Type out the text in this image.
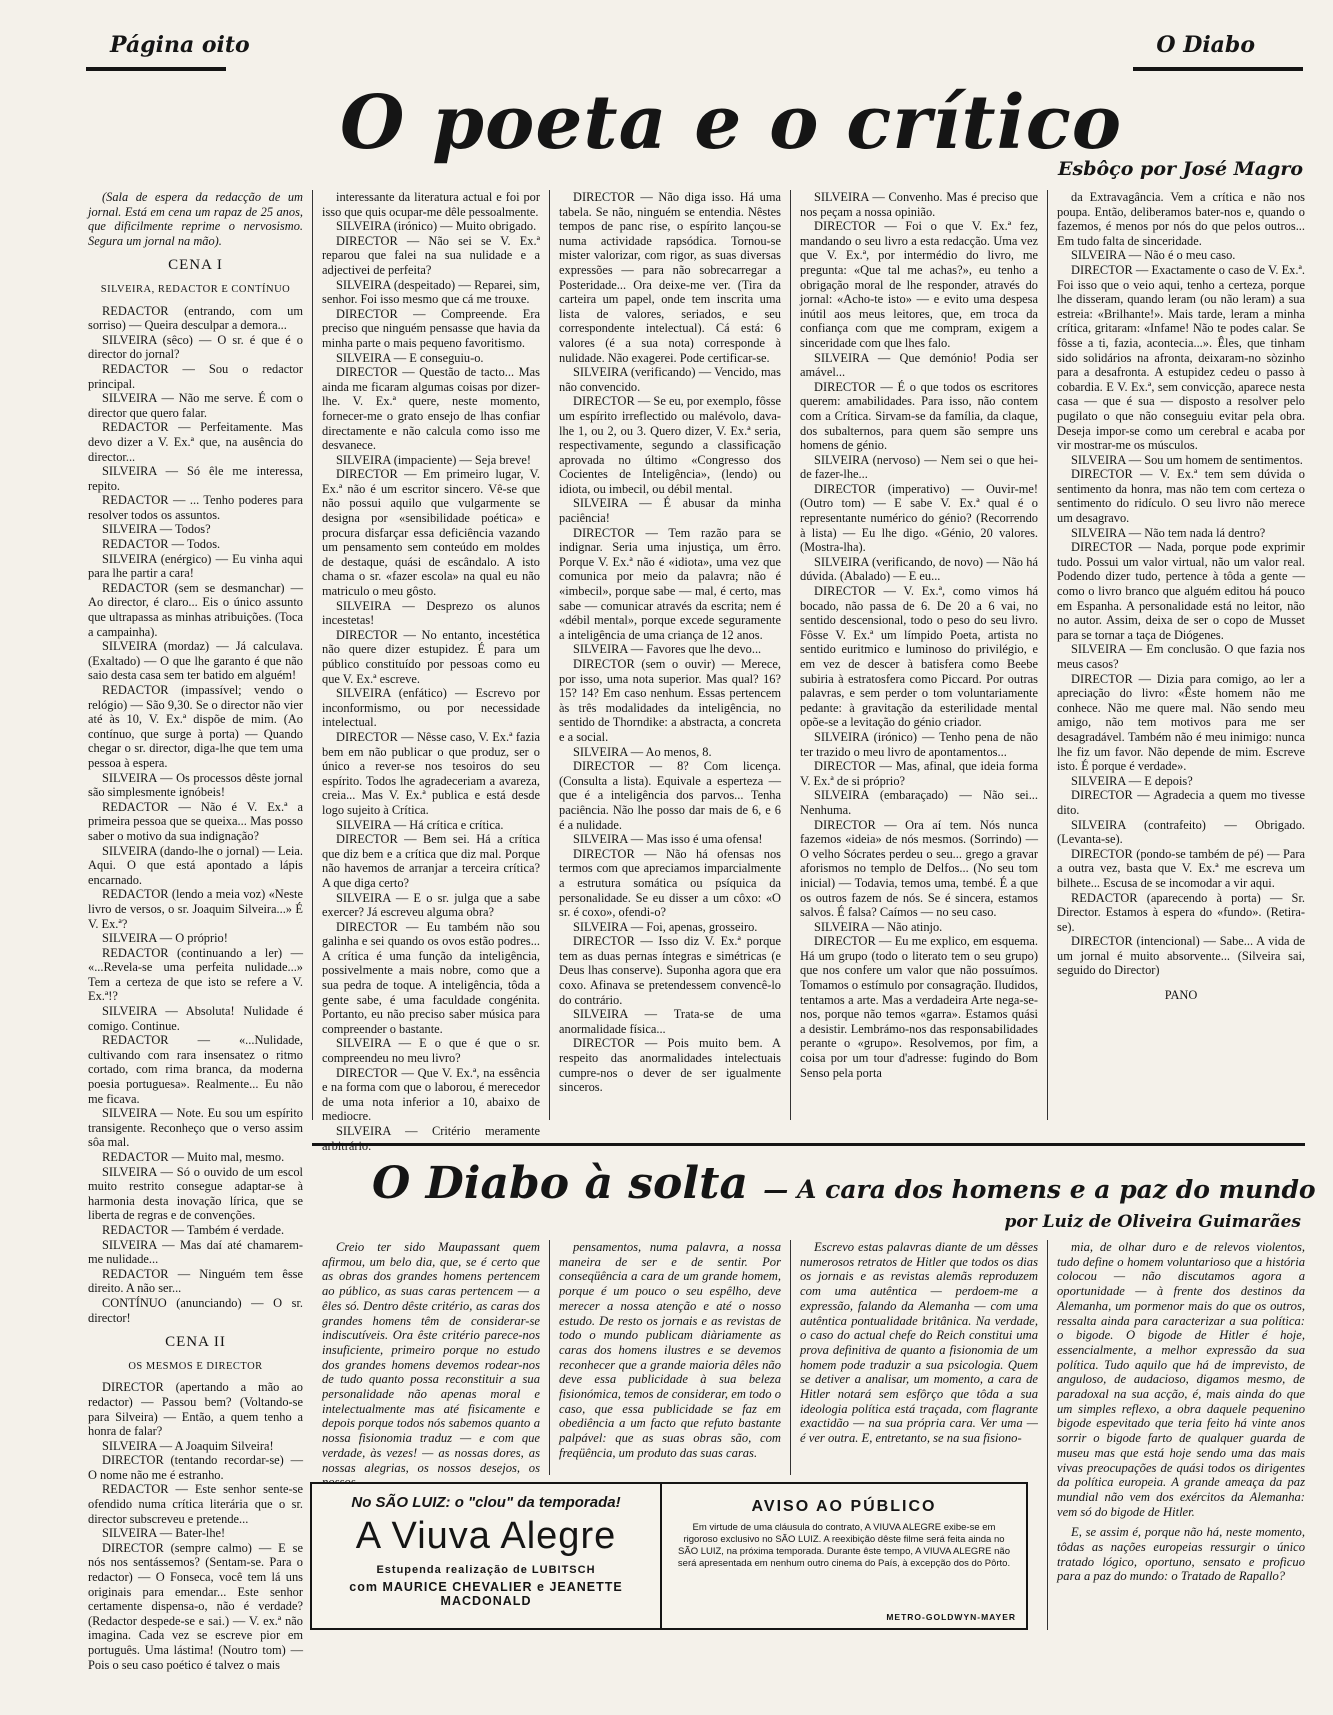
Página oito	O Diabo
O poeta e o crítico
Esbôço por José Magro

(Sala de espera da redacção de um jornal. Está em cena um rapaz de 25 anos, que dificilmente reprime o nervosismo. Segura um jornal na mão).

CENA I

SILVEIRA, REDACTOR E CONTÍNUO

REDACTOR (entrando, com um sorriso) — Queira desculpar a demora...

SILVEIRA (sêco) — O sr. é que é o director do jornal?

REDACTOR — Sou o redactor principal.

SILVEIRA — Não me serve. É com o director que quero falar.

REDACTOR — Perfeitamente. Mas devo dizer a V. Ex.ª que, na ausência do director...

SILVEIRA — Só êle me interessa, repito.

REDACTOR — ... Tenho poderes para resolver todos os assuntos.

SILVEIRA — Todos?

REDACTOR — Todos.

SILVEIRA (enérgico) — Eu vinha aqui para lhe partir a cara!

REDACTOR (sem se desmanchar) — Ao director, é claro... Eis o único assunto que ultrapassa as minhas atribuições. (Toca a campainha).

SILVEIRA (mordaz) — Já calculava. (Exaltado) — O que lhe garanto é que não saio desta casa sem ter batido em alguém!

REDACTOR (impassível; vendo o relógio) — São 9,30. Se o director não vier até às 10, V. Ex.ª dispõe de mim. (Ao contínuo, que surge à porta) — Quando chegar o sr. director, diga-lhe que tem uma pessoa à espera.

SILVEIRA — Os processos dêste jornal são simplesmente ignóbeis!

REDACTOR — Não é V. Ex.ª a primeira pessoa que se queixa... Mas posso saber o motivo da sua indignação?

SILVEIRA (dando-lhe o jornal) — Leia. Aqui. O que está apontado a lápis encarnado.

REDACTOR (lendo a meia voz) «Neste livro de versos, o sr. Joaquim Silveira...» É V. Ex.ª?

SILVEIRA — O próprio!

REDACTOR (continuando a ler) — «...Revela-se uma perfeita nulidade...» Tem a certeza de que isto se refere a V. Ex.ª!?

SILVEIRA — Absoluta! Nulidade é comigo. Continue.

REDACTOR — «...Nulidade, cultivando com rara insensatez o ritmo cortado, com rima branca, da moderna poesia portuguesa». Realmente... Eu não me ficava.

SILVEIRA — Note. Eu sou um espírito transigente. Reconheço que o verso assim sôa mal.

REDACTOR — Muito mal, mesmo.

SILVEIRA — Só o ouvido de um escol muito restrito consegue adaptar-se à harmonia desta inovação lírica, que se liberta de regras e de convenções.

REDACTOR — Também é verdade.

SILVEIRA — Mas daí até chamarem-me nulidade...

REDACTOR — Ninguém tem êsse direito. A não ser...

CONTÍNUO (anunciando) — O sr. director!

CENA II

OS MESMOS E DIRECTOR

DIRECTOR (apertando a mão ao redactor) — Passou bem? (Voltando-se para Silveira) — Então, a quem tenho a honra de falar?

SILVEIRA — A Joaquim Silveira!

DIRECTOR (tentando recordar-se) — O nome não me é estranho.

REDACTOR — Este senhor sente-se ofendido numa crítica literária que o sr. director subscreveu e pretende...

SILVEIRA — Bater-lhe!

DIRECTOR (sempre calmo) — E se nós nos sentássemos? (Sentam-se. Para o redactor) — O Fonseca, você tem lá uns originais para emendar... Este senhor certamente dispensa-o, não é verdade? (Redactor despede-se e sai.) — V. ex.ª não imagina. Cada vez se escreve pior em português. Uma lástima! (Noutro tom) — Pois o seu caso poético é talvez o mais

interessante da literatura actual e foi por isso que quis ocupar-me dêle pessoalmente.

SILVEIRA (irónico) — Muito obrigado.

DIRECTOR — Não sei se V. Ex.ª reparou que falei na sua nulidade e a adjectivei de perfeita?

SILVEIRA (despeitado) — Reparei, sim, senhor. Foi isso mesmo que cá me trouxe.

DIRECTOR — Compreende. Era preciso que ninguém pensasse que havia da minha parte o mais pequeno favoritismo.

SILVEIRA — E conseguiu-o.

DIRECTOR — Questão de tacto... Mas ainda me ficaram algumas coisas por dizer-lhe. V. Ex.ª quere, neste momento, fornecer-me o grato ensejo de lhas confiar directamente e não calcula como isso me desvanece.

SILVEIRA (impaciente) — Seja breve!

DIRECTOR — Em primeiro lugar, V. Ex.ª não é um escritor sincero. Vê-se que não possui aquilo que vulgarmente se designa por «sensibilidade poética» e procura disfarçar essa deficiência vazando um pensamento sem conteúdo em moldes de destaque, quási de escândalo. A isto chama o sr. «fazer escola» na qual eu não matriculo o meu gôsto.

SILVEIRA — Desprezo os alunos incestetas!

DIRECTOR — No entanto, incestética não quere dizer estupidez. É para um público constituído por pessoas como eu que V. Ex.ª escreve.

SILVEIRA (enfático) — Escrevo por inconformismo, ou por necessidade intelectual.

DIRECTOR — Nêsse caso, V. Ex.ª fazia bem em não publicar o que produz, ser o único a rever-se nos tesoiros do seu espírito. Todos lhe agradeceriam a avareza, creia... Mas V. Ex.ª publica e está desde logo sujeito à Crítica.

SILVEIRA — Há crítica e crítica.

DIRECTOR — Bem sei. Há a crítica que diz bem e a crítica que diz mal. Porque não havemos de arranjar a terceira crítica? A que diga certo?

SILVEIRA — E o sr. julga que a sabe exercer? Já escreveu alguma obra?

DIRECTOR — Eu também não sou galinha e sei quando os ovos estão podres... A crítica é uma função da inteligência, possivelmente a mais nobre, como que a sua pedra de toque. A inteligência, tôda a gente sabe, é uma faculdade congénita. Portanto, eu não preciso saber música para compreender o bastante.

SILVEIRA — E o que é que o sr. compreendeu no meu livro?

DIRECTOR — Que V. Ex.ª, na essência e na forma com que o laborou, é merecedor de uma nota inferior a 10, abaixo de mediocre.

SILVEIRA — Critério meramente

DIRECTOR — Não diga isso. Há uma tabela. Se não, ninguém se entendia. Nêstes tempos de panc rise, o espírito lançou-se numa actividade rapsódica. Tornou-se mister valorizar, com rigor, as suas diversas expressões — para não sobrecarregar a Posteridade... Ora deixe-me ver. (Tira da carteira um papel, onde tem inscrita uma lista de valores, seriados, e seu correspondente intelectual). Cá está: 6 valores (é a sua nota) corresponde à nulidade. Não exagerei. Pode certificar-se.

SILVEIRA (verificando) — Vencido, mas não convencido.

DIRECTOR — Se eu, por exemplo, fôsse um espírito irreflectido ou malévolo, dava-lhe 1, ou 2, ou 3. Quero dizer, V. Ex.ª seria, respectivamente, segundo a classificação aprovada no último «Congresso dos Cocientes de Inteligência», (lendo) ou idiota, ou imbecil, ou débil mental.

SILVEIRA — É abusar da minha paciência!

DIRECTOR — Tem razão para se indignar. Seria uma injustiça, um êrro. Porque V. Ex.ª não é «idiota», uma vez que comunica por meio da palavra; não é «imbecil», porque sabe — mal, é certo, mas sabe — comunicar através da escrita; nem é «débil mental», porque excede seguramente a inteligência de uma criança de 12 anos.

SILVEIRA — Favores que lhe devo...

DIRECTOR (sem o ouvir) — Merece, por isso, uma nota superior. Mas qual? 16? 15? 14? Em caso nenhum. Essas pertencem às três modalidades da inteligência, no sentido de Thorndike: a abstracta, a concreta e a social.

SILVEIRA — Ao menos, 8.

DIRECTOR — 8? Com licença. (Consulta a lista). Equivale a esperteza — que é a inteligência dos parvos... Tenha paciência. Não lhe posso dar mais de 6, e 6 é a nulidade.

SILVEIRA — Mas isso é uma ofensa!

DIRECTOR — Não há ofensas nos termos com que apreciamos imparcialmente a estrutura somática ou psíquica da personalidade. Se eu disser a um côxo: «O sr. é coxo», ofendi-o?

SILVEIRA — Foi, apenas, grosseiro.

DIRECTOR — Isso diz V. Ex.ª porque tem as duas pernas íntegras e simétricas (e Deus lhas conserve). Suponha agora que era coxo. Afinava se pretendessem convencê-lo do contrário.

SILVEIRA — Trata-se de uma anormalidade física...

DIRECTOR — Pois muito bem. A respeito das anormalidades intelectuais cumpre-nos o dever de ser igualmente sinceros.

SILVEIRA — Convenho. Mas é preciso que nos peçam a nossa opinião.

DIRECTOR — Foi o que V. Ex.ª fez, mandando o seu livro a esta redacção. Uma vez que V. Ex.ª, por intermédio do livro, me pregunta: «Que tal me achas?», eu tenho a obrigação moral de lhe responder, através do jornal: «Acho-te isto» — e evito uma despesa inútil aos meus leitores, que, em troca da confiança com que me compram, exigem a sinceridade com que lhes falo.

SILVEIRA — Que demónio! Podia ser amável...

DIRECTOR — É o que todos os escritores querem: amabilidades. Para isso, não contem com a Crítica. Sirvam-se da família, da claque, dos subalternos, para quem são sempre uns homens de génio.

SILVEIRA (nervoso) — Nem sei o que hei-de fazer-lhe...

DIRECTOR (imperativo) — Ouvir-me! (Outro tom) — E sabe V. Ex.ª qual é o representante numérico do génio? (Recorrendo à lista) — Eu lhe digo. «Génio, 20 valores. (Mostra-lha).

SILVEIRA (verificando, de novo) — Não há dúvida. (Abalado) — E eu...

DIRECTOR — V. Ex.ª, como vimos há bocado, não passa de 6. De 20 a 6 vai, no sentido descensional, todo o peso do seu livro. Fôsse V. Ex.ª um límpido Poeta, artista no sentido euritmico e luminoso do privilégio, e em vez de descer à batisfera como Beebe subiria à estratosfera como Piccard. Por outras palavras, e sem perder o tom voluntariamente pedante: à gravitação da esterilidade mental opõe-se a levitação do génio criador.

SILVEIRA (irónico) — Tenho pena de não ter trazido o meu livro de apontamentos...

DIRECTOR — Mas, afinal, que ideia forma V. Ex.ª de si próprio?

SILVEIRA (embaraçado) — Não sei... Nenhuma.

DIRECTOR — Ora aí tem. Nós nunca fazemos «ideia» de nós mesmos. (Sorrindo) — O velho Sócrates perdeu o seu... grego a gravar aforismos no templo de Delfos... (No seu tom inicial) — Todavia, temos uma, tembé. É a que os outros fazem de nós. Se é sincera, estamos salvos. É falsa? Caímos — no seu caso.

SILVEIRA — Não atinjo.

DIRECTOR — Eu me explico, em esquema. Há um grupo (todo o literato tem o seu grupo) que nos confere um valor que não possuímos. Tomamos o estímulo por consagração. Iludidos, tentamos a arte. Mas a verdadeira Arte nega-se-nos, porque não temos «garra». Estamos quási a desistir. Lembrámo-nos das responsabilidades perante o «grupo». Resolvemos, por fim, a coisa por um tour d'adresse: fugindo do Bom Senso pela porta

da Extravagância. Vem a crítica e não nos poupa. Então, deliberamos bater-nos e, quando o fazemos, é menos por nós do que pelos outros... Em tudo falta de sinceridade.

SILVEIRA — Não é o meu caso.

DIRECTOR — Exactamente o caso de V. Ex.ª. Foi isso que o veio aqui, tenho a certeza, porque lhe disseram, quando leram (ou não leram) a sua estreia: «Brilhante!». Mais tarde, leram a minha crítica, gritaram: «Infame! Não te podes calar. Se fôsse a ti, fazia, acontecia...». Êles, que tinham sido solidários na afronta, deixaram-no sòzinho para a desafronta. A estupidez cedeu o passo à cobardia. E V. Ex.ª, sem convicção, aparece nesta casa — que é sua — disposto a resolver pelo pugilato o que não conseguiu evitar pela obra. Deseja impor-se como um cerebral e acaba por vir mostrar-me os músculos.

SILVEIRA — Sou um homem de sentimentos.

DIRECTOR — V. Ex.ª tem sem dúvida o sentimento da honra, mas não tem com certeza o sentimento do ridículo. O seu livro não merece um desagravo.

SILVEIRA — Não tem nada lá dentro?

DIRECTOR — Nada, porque pode exprimir tudo. Possui um valor virtual, não um valor real. Podendo dizer tudo, pertence à tôda a gente — como o livro branco que alguém editou há pouco em Espanha. A personalidade está no leitor, não no autor. Assim, deixa de ser o copo de Musset para se tornar a taça de Diógenes.

SILVEIRA — Em conclusão. O que fazia nos meus casos?

DIRECTOR — Dizia para comigo, ao ler a apreciação do livro: «Êste homem não me conhece. Não me quere mal. Não sendo meu amigo, não tem motivos para me ser desagradável. Também não é meu inimigo: nunca lhe fiz um favor. Não depende de mim. Escreve isto. É porque é verdade».

SILVEIRA — E depois?

DIRECTOR — Agradecia a quem mo tivesse dito.

SILVEIRA (contrafeito) — Obrigado. (Levanta-se).

DIRECTOR (pondo-se também de pé) — Para a outra vez, basta que V. Ex.ª me escreva um bilhete... Escusa de se incomodar a vir aqui.

REDACTOR (aparecendo à porta) — Sr. Director. Estamos à espera do «fundo». (Retira-se).

DIRECTOR (intencional) — Sabe... A vida de um jornal é muito absorvente... (Silveira sai, seguido do Director)

PANO

O Diabo à solta — A cara dos homens e a paz do mundo
por Luiz de Oliveira Guimarães

Creio ter sido Maupassant quem afirmou, um belo dia, que, se é certo que as obras dos grandes homens pertencem ao público, as suas caras pertencem — a êles só. Dentro dêste critério, as caras dos grandes homens têm de considerar-se indiscutíveis. Ora êste critério parece-nos insuficiente, primeiro porque no estudo dos grandes homens devemos rodear-nos de tudo quanto possa reconstituir a sua personalidade não apenas moral e intelectualmente mas até fisicamente e depois porque todos nós sabemos quanto a nossa fisionomia traduz — e com que verdade, às vezes! — as nossas dores, as nossas alegrias, os nossos desejos, os

pensamentos, numa palavra, a nossa maneira de ser e de sentir. Por conseqüência a cara de um grande homem, porque é um pouco o seu espêlho, deve merecer a nossa atenção e até o nosso estudo. De resto os jornais e as revistas de todo o mundo publicam diàriamente as caras dos homens ilustres e se devemos reconhecer que a grande maioria dêles não deve essa publicidade à sua beleza fisionómica, temos de considerar, em todo o caso, que essa publicidade se faz em obediência a um facto que refuto bastante palpável: que as suas obras são, com freqüência, um produto das suas caras.

Escrevo estas palavras diante de um dêsses numerosos retratos de Hitler que todos os dias os jornais e as revistas alemãs reproduzem com uma autêntica — perdoem-me a expressão, falando da Alemanha — com uma autêntica pontualidade britânica. Na verdade, o caso do actual chefe do Reich constitui uma prova definitiva de quanto a fisionomia de um homem pode traduzir a sua psicologia. Quem se detiver a analisar, um momento, a cara de Hitler notará sem esfôrço que tôda a sua ideologia política está traçada, com flagrante exactidão — na sua própria cara. Ver uma — é ver outra. E, entretanto, se na sua fisiono-

mia, de olhar duro e de relevos violentos, tudo define o homem voluntarioso que a história colocou — não discutamos agora a oportunidade — à frente dos destinos da Alemanha, um pormenor mais do que os outros, ressalta ainda para caracterizar a sua política: o bigode. O bigode de Hitler é hoje, essencialmente, a melhor expressão da sua política. Tudo aquilo que há de imprevisto, de anguloso, de audacioso, digamos mesmo, de paradoxal na sua acção, é, mais ainda do que um simples reflexo, a obra daquele pequenino bigode espevitado que teria feito há vinte anos sorrir o bigode farto de qualquer guarda de museu mas que está hoje sendo uma das mais vivas preocupações de quási todos os dirigentes da política europeia. A grande ameaça da paz mundial não vem dos exércitos da Alemanha: vem só do bigode de Hitler.

E, se assim é, porque não há, neste momento, tôdas as nações europeias ressurgir o único tratado lógico, oportuno, sensato e proficuo para a paz do mundo: o Tratado de Rapallo?

No SÃO LUIZ: o "clou" da temporada!
A Viuva Alegre
Estupenda realização de LUBITSCH
com MAURICE CHEVALIER e JEANETTE MACDONALD
AVISO AO PÚBLICO
Em virtude de uma cláusula do contrato, A VIUVA ALEGRE exibe-se em rigoroso exclusivo no SÃO LUIZ. A reexibição dêste filme será feita ainda no SÃO LUIZ, na próxima temporada. Durante êste tempo, A VIUVA ALEGRE não será apresentada em nenhum outro cinema do País, à excepção dos do Pôrto.
METRO-GOLDWYN-MAYER
